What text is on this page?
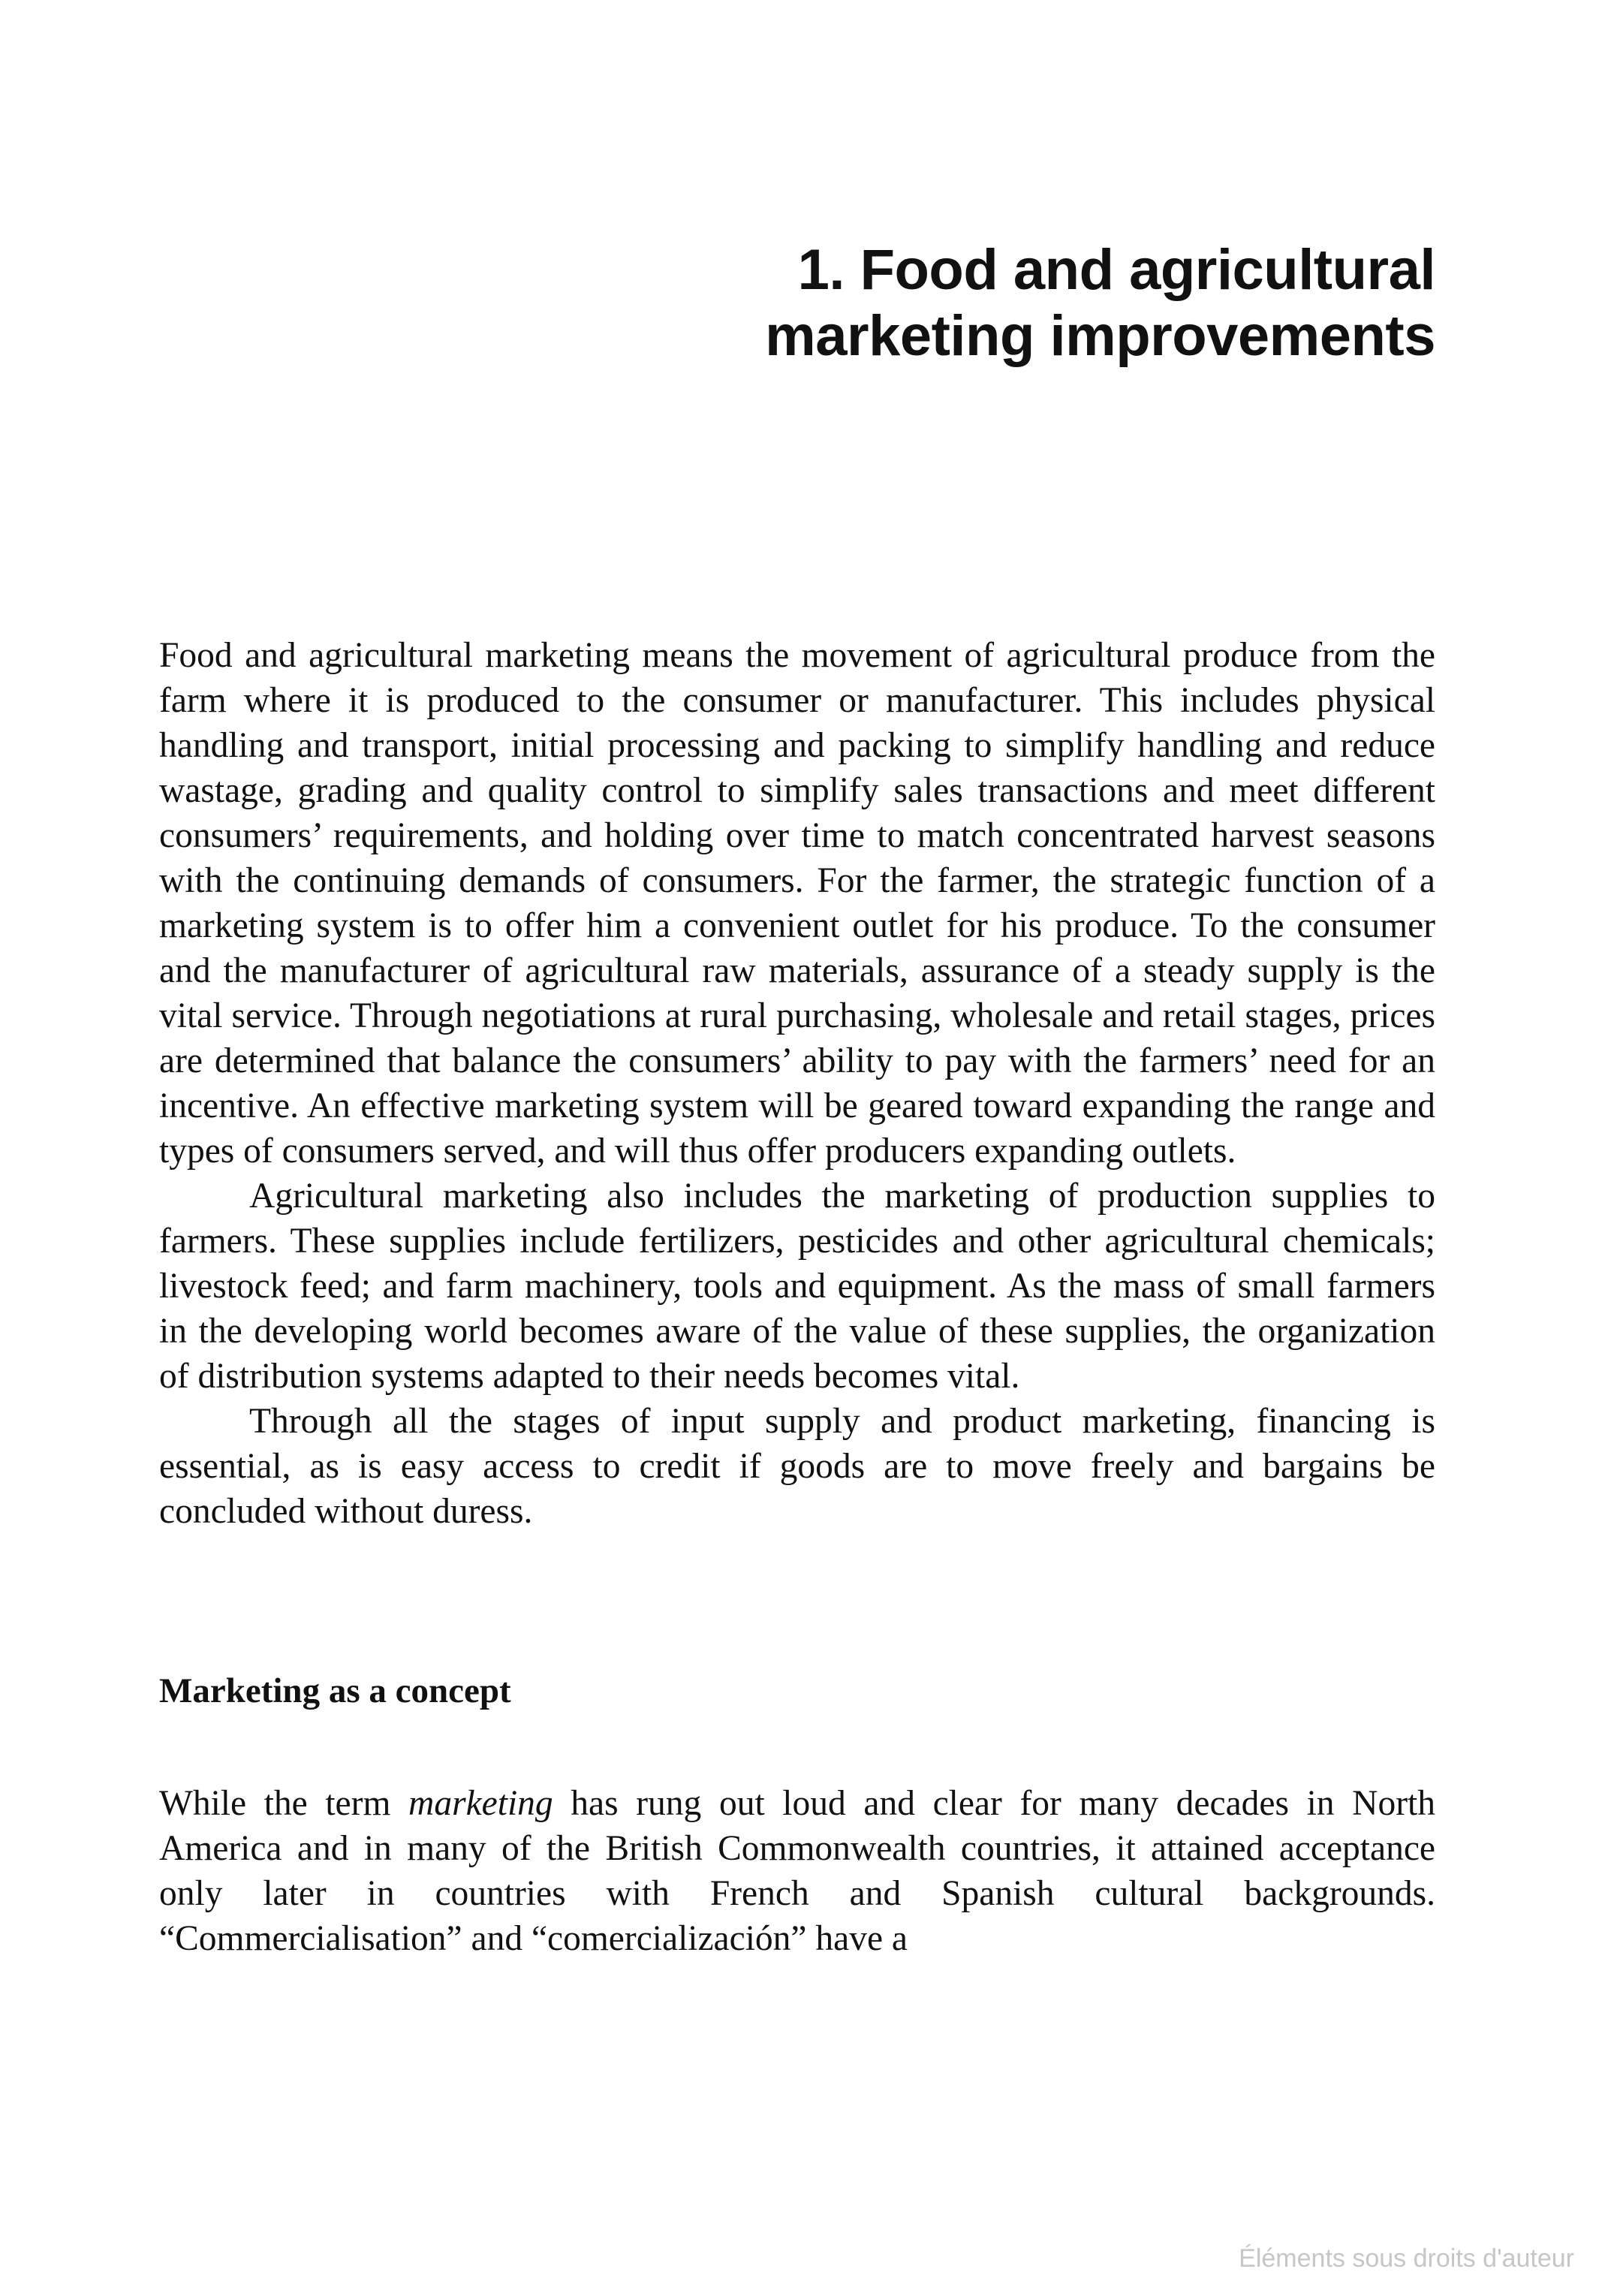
1. Food and agricultural
marketing improvements

Food and agricultural marketing means the movement of agricultural produce from the farm where it is produced to the consumer or manufacturer. This includes physical handling and transport, initial processing and packing to simplify handling and reduce wastage, grading and quality control to simplify sales transactions and meet different consumers’ requirements, and holding over time to match concentrated harvest seasons with the continuing demands of consumers. For the farmer, the strategic function of a marketing system is to offer him a convenient outlet for his produce. To the consumer and the manufacturer of agricultural raw materials, assurance of a steady supply is the vital service. Through negotiations at rural purchasing, wholesale and retail stages, prices are determined that balance the consumers’ ability to pay with the farmers’ need for an incentive. An effective marketing system will be geared toward expanding the range and types of consumers served, and will thus offer producers expanding outlets.

Agricultural marketing also includes the marketing of production supplies to farmers. These supplies include fertilizers, pesticides and other agricultural chemicals; livestock feed; and farm machinery, tools and equipment. As the mass of small farmers in the developing world becomes aware of the value of these supplies, the organization of distribution systems adapted to their needs becomes vital.

Through all the stages of input supply and product marketing, financing is essential, as is easy access to credit if goods are to move freely and bargains be concluded without duress.

Marketing as a concept

While the term marketing has rung out loud and clear for many decades in North America and in many of the British Commonwealth countries, it attained acceptance only later in countries with French and Spanish cultural backgrounds. “Commercialisation” and “comercialización” have a

Éléments sous droits d'auteur
